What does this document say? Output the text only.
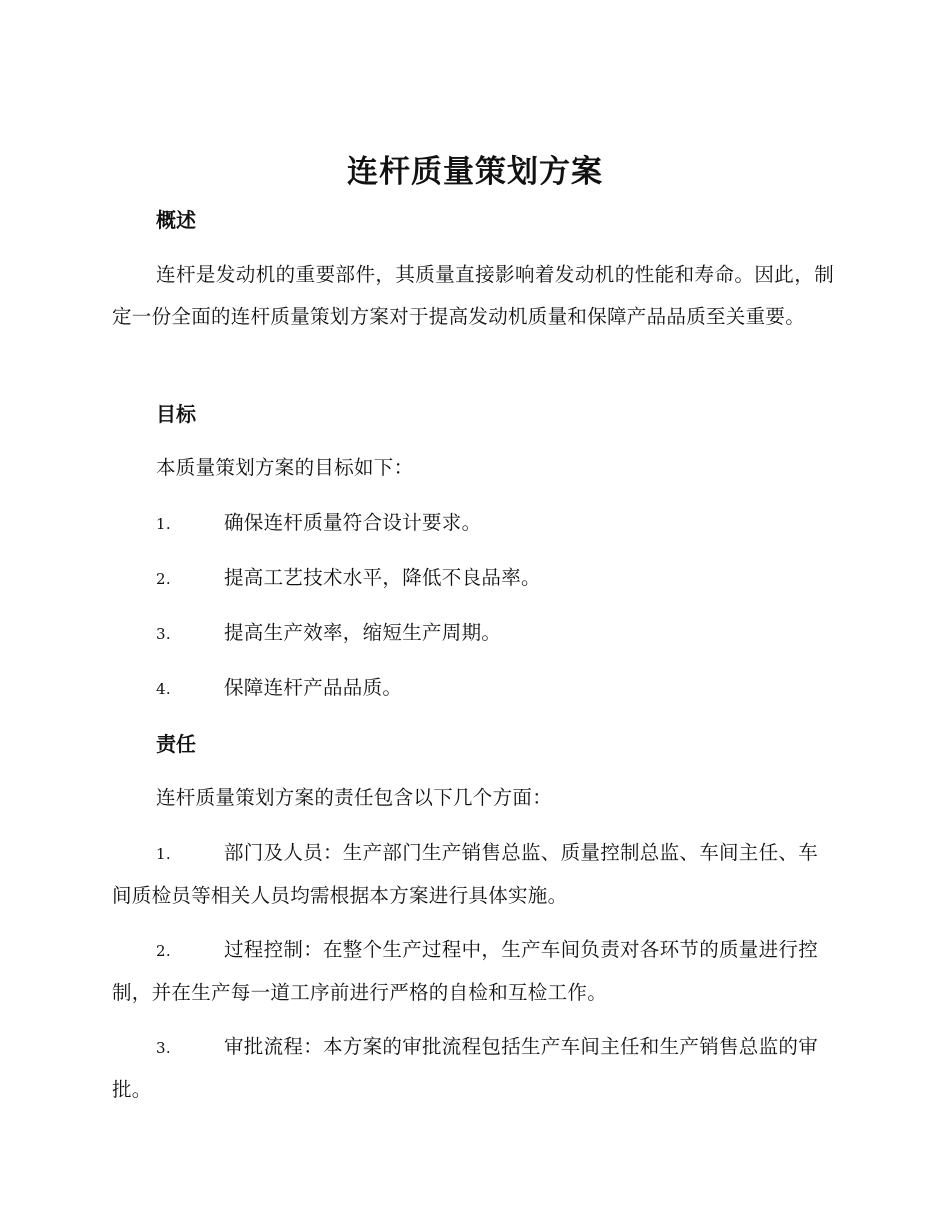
连杆质量策划方案
概述

连杆是发动机的重要部件，其质量直接影响着发动机的性能和寿命。因此，制定一份全面的连杆质量策划方案对于提高发动机质量和保障产品品质至关重要。

目标

本质量策划方案的目标如下：

1.	确保连杆质量符合设计要求。
2.	提高工艺技术水平，降低不良品率。
3.	提高生产效率，缩短生产周期。
4.	保障连杆产品品质。
责任

连杆质量策划方案的责任包含以下几个方面：

1.	部门及人员：生产部门生产销售总监、质量控制总监、车间主任、车间质检员等相关人员均需根据本方案进行具体实施。
2.	过程控制：在整个生产过程中，生产车间负责对各环节的质量进行控制，并在生产每一道工序前进行严格的自检和互检工作。
3.	审批流程：本方案的审批流程包括生产车间主任和生产销售总监的审批。
